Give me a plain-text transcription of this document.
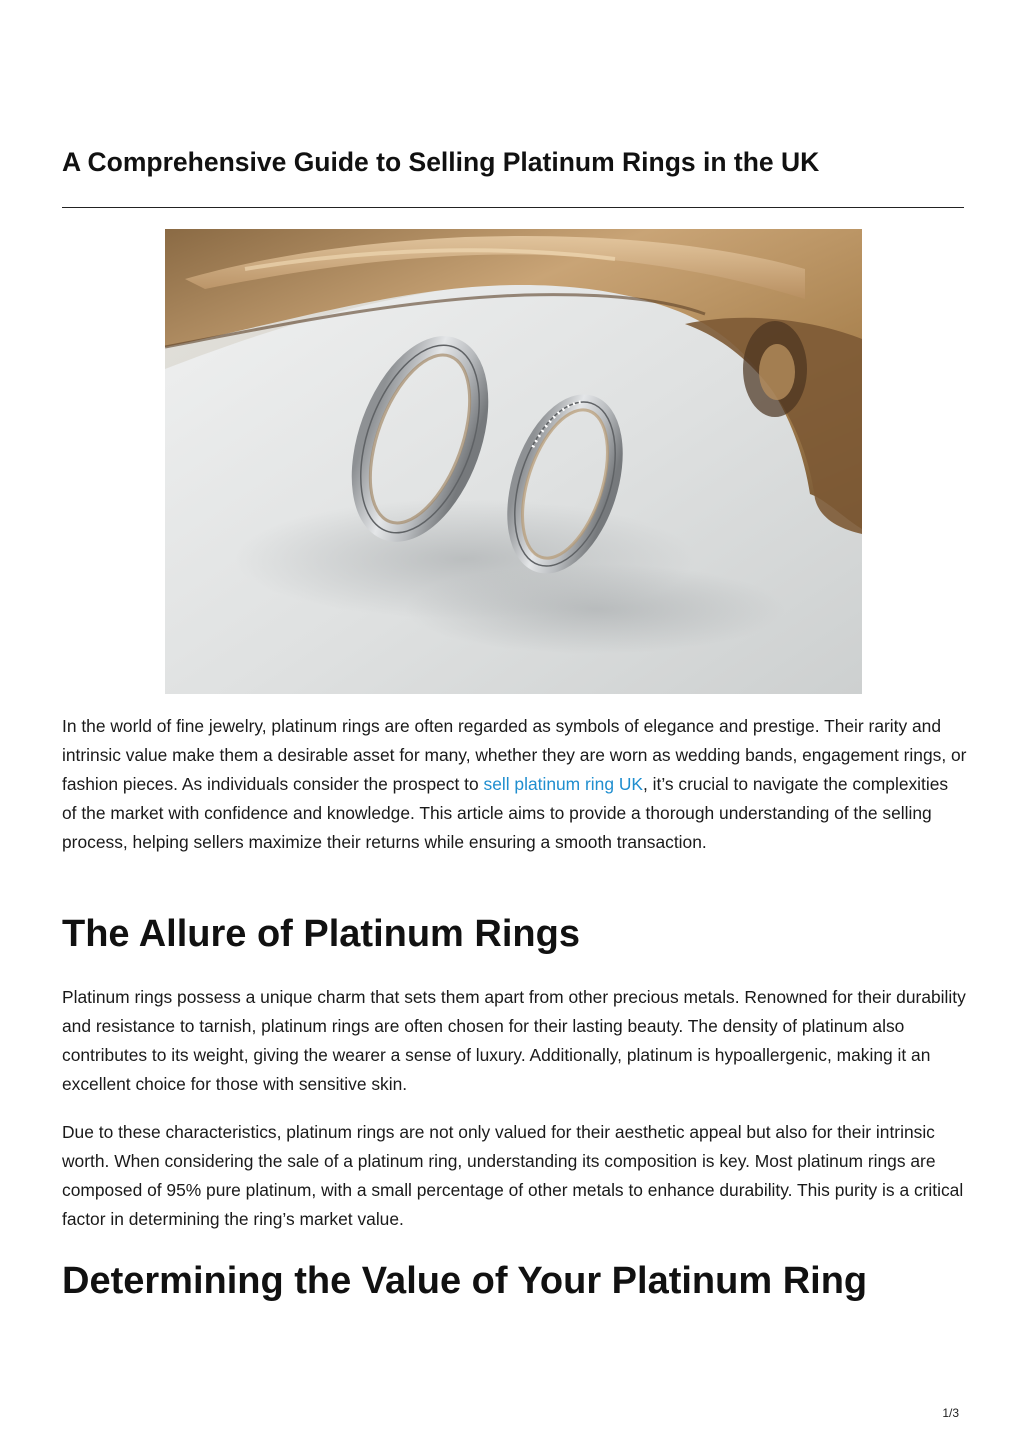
A Comprehensive Guide to Selling Platinum Rings in the UK

In the world of fine jewelry, platinum rings are often regarded as symbols of elegance and prestige. Their rarity and intrinsic value make them a desirable asset for many, whether they are worn as wedding bands, engagement rings, or fashion pieces. As individuals consider the prospect to sell platinum ring UK, it’s crucial to navigate the complexities of the market with confidence and knowledge. This article aims to provide a thorough understanding of the selling process, helping sellers maximize their returns while ensuring a smooth transaction.

The Allure of Platinum Rings

Platinum rings possess a unique charm that sets them apart from other precious metals. Renowned for their durability and resistance to tarnish, platinum rings are often chosen for their lasting beauty. The density of platinum also contributes to its weight, giving the wearer a sense of luxury. Additionally, platinum is hypoallergenic, making it an excellent choice for those with sensitive skin.

Due to these characteristics, platinum rings are not only valued for their aesthetic appeal but also for their intrinsic worth. When considering the sale of a platinum ring, understanding its composition is key. Most platinum rings are composed of 95% pure platinum, with a small percentage of other metals to enhance durability. This purity is a critical factor in determining the ring’s market value.

Determining the Value of Your Platinum Ring
1/3
